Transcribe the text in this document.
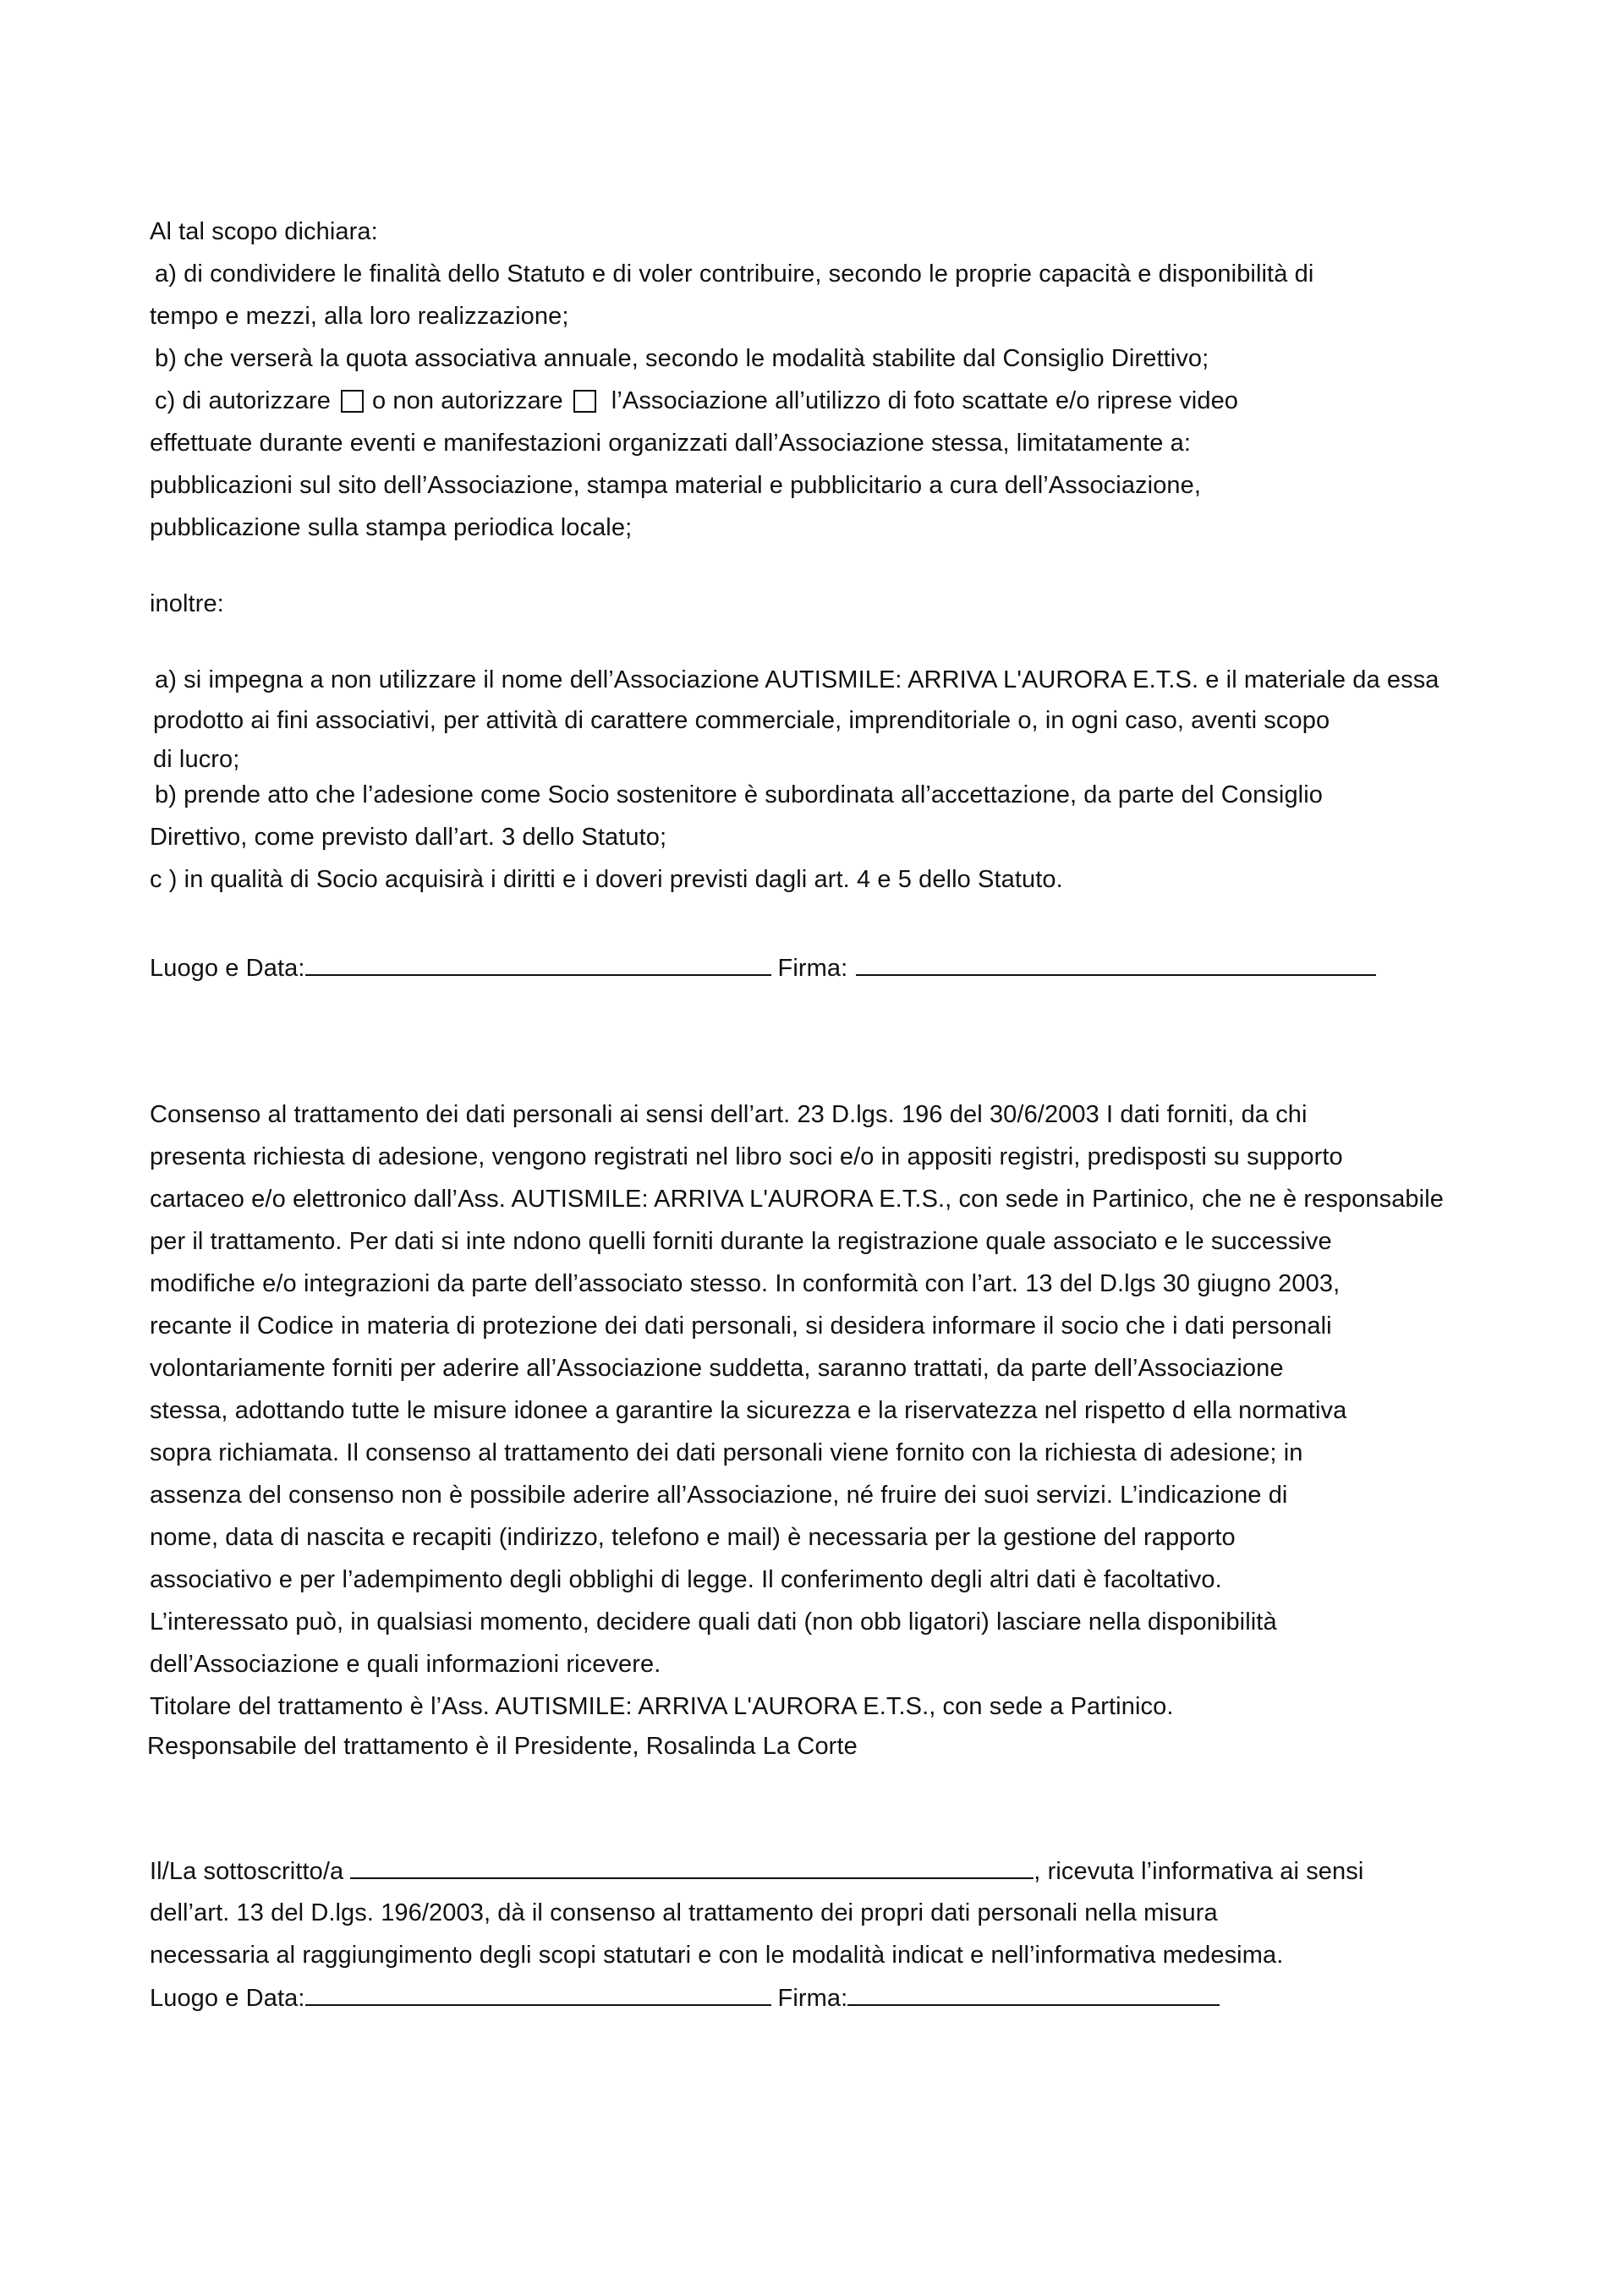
Al tal scopo dichiara:
a) di condividere le finalità dello Statuto e di voler contribuire, secondo le proprie capacità e disponibilità di
tempo e mezzi, alla loro realizzazione;
b) che verserà la quota associativa annuale, secondo le modalità stabilite dal Consiglio Direttivo;
c) di autorizzare o non autorizzare l’Associazione all’utilizzo di foto scattate e/o riprese video
effettuate durante eventi e manifestazioni organizzati dall’Associazione stessa, limitatamente a:
pubblicazioni sul sito dell’Associazione, stampa material e pubblicitario a cura dell’Associazione,
pubblicazione sulla stampa periodica locale;
inoltre:
a) si impegna a non utilizzare il nome dell’Associazione AUTISMILE: ARRIVA L'AURORA E.T.S. e il materiale da essa
prodotto ai fini associativi, per attività di carattere commerciale, imprenditoriale o, in ogni caso, aventi scopo
di lucro;
b) prende atto che l’adesione come Socio sostenitore è subordinata all’accettazione, da parte del Consiglio
Direttivo, come previsto dall’art. 3 dello Statuto;
c ) in qualità di Socio acquisirà i diritti e i doveri previsti dagli art. 4 e 5 dello Statuto.
Luogo e Data:	Firma:
Consenso al trattamento dei dati personali ai sensi dell’art. 23 D.lgs. 196 del 30/6/2003 I dati forniti, da chi
presenta richiesta di adesione, vengono registrati nel libro soci e/o in appositi registri, predisposti su supporto
cartaceo e/o elettronico dall’Ass. AUTISMILE: ARRIVA L'AURORA E.T.S., con sede in Partinico, che ne è responsabile
per il trattamento. Per dati si inte ndono quelli forniti durante la registrazione quale associato e le successive
modifiche e/o integrazioni da parte dell’associato stesso. In conformità con l’art. 13 del D.lgs 30 giugno 2003,
recante il Codice in materia di protezione dei dati personali, si desidera informare il socio che i dati personali
volontariamente forniti per aderire all’Associazione suddetta, saranno trattati, da parte dell’Associazione
stessa, adottando tutte le misure idonee a garantire la sicurezza e la riservatezza nel rispetto d ella normativa
sopra richiamata. Il consenso al trattamento dei dati personali viene fornito con la richiesta di adesione; in
assenza del consenso non è possibile aderire all’Associazione, né fruire dei suoi servizi. L’indicazione di
nome, data di nascita e recapiti (indirizzo, telefono e mail) è necessaria per la gestione del rapporto
associativo e per l’adempimento degli obblighi di legge. Il conferimento degli altri dati è facoltativo.
L’interessato può, in qualsiasi momento, decidere quali dati (non obb ligatori) lasciare nella disponibilità
dell’Associazione e quali informazioni ricevere.
Titolare del trattamento è l’Ass. AUTISMILE: ARRIVA L'AURORA E.T.S., con sede a Partinico.
Responsabile del trattamento è il Presidente, Rosalinda La Corte
Il/La sottoscritto/a	, ricevuta l’informativa ai sensi
dell’art. 13 del D.lgs. 196/2003, dà il consenso al trattamento dei propri dati personali nella misura
necessaria al raggiungimento degli scopi statutari e con le modalità indicat e nell’informativa medesima.
Luogo e Data:	Firma:
